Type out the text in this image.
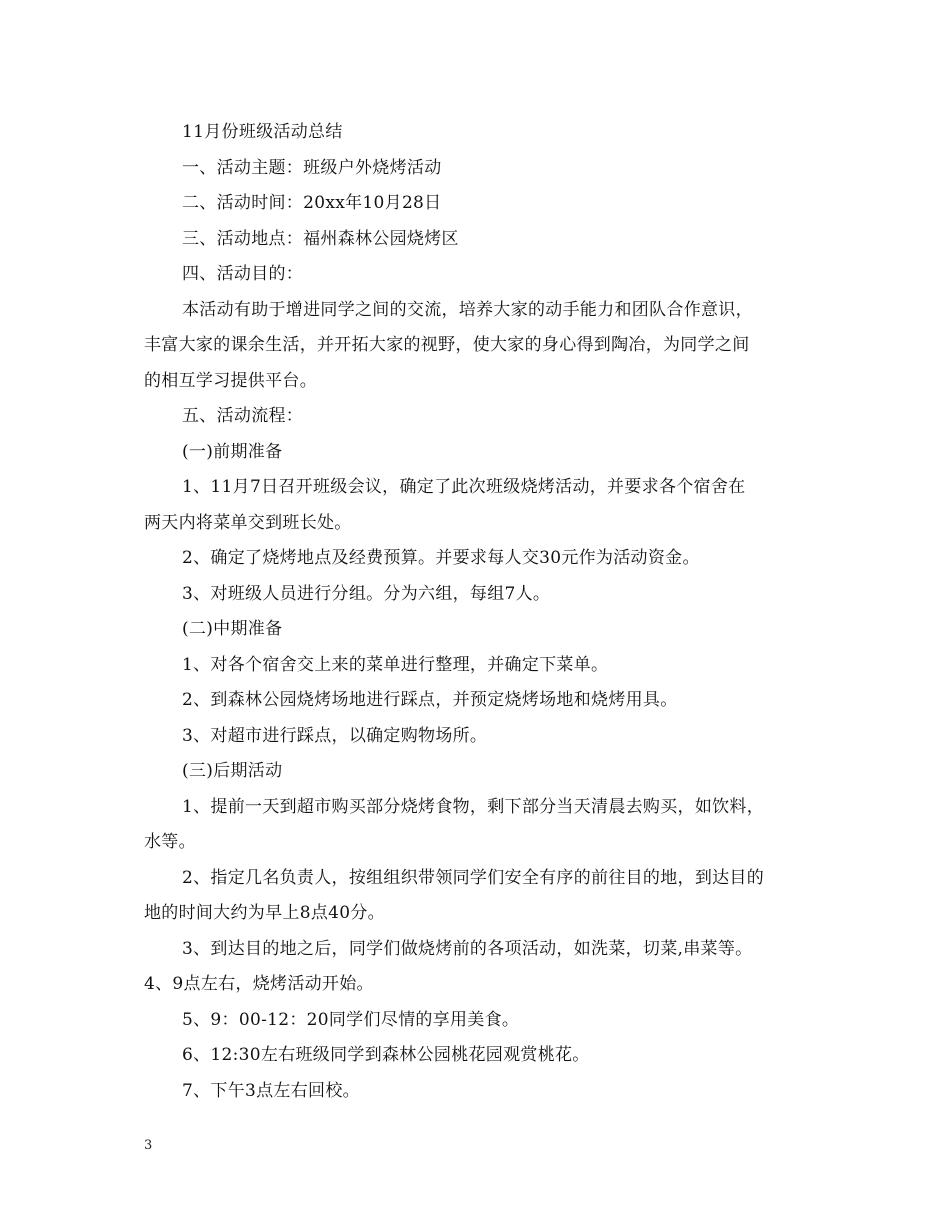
11月份班级活动总结
一、活动主题：班级户外烧烤活动
二、活动时间：20xx年10月28日
三、活动地点：福州森林公园烧烤区
四、活动目的：
本活动有助于增进同学之间的交流，培养大家的动手能力和团队合作意识，
丰富大家的课余生活，并开拓大家的视野，使大家的身心得到陶冶，为同学之间
的相互学习提供平台。
五、活动流程：
(一)前期准备
1、11月7日召开班级会议，确定了此次班级烧烤活动，并要求各个宿舍在
两天内将菜单交到班长处。
2、确定了烧烤地点及经费预算。并要求每人交30元作为活动资金。
3、对班级人员进行分组。分为六组，每组7人。
(二)中期准备
1、对各个宿舍交上来的菜单进行整理，并确定下菜单。
2、到森林公园烧烤场地进行踩点，并预定烧烤场地和烧烤用具。
3、对超市进行踩点，以确定购物场所。
(三)后期活动
1、提前一天到超市购买部分烧烤食物，剩下部分当天清晨去购买，如饮料，
水等。
2、指定几名负责人，按组组织带领同学们安全有序的前往目的地，到达目的
地的时间大约为早上8点40分。
3、到达目的地之后，同学们做烧烤前的各项活动，如洗菜，切菜,串菜等。
4、9点左右，烧烤活动开始。
5、9：00-12：20同学们尽情的享用美食。
6、12:30左右班级同学到森林公园桃花园观赏桃花。
7、下午3点左右回校。
3
